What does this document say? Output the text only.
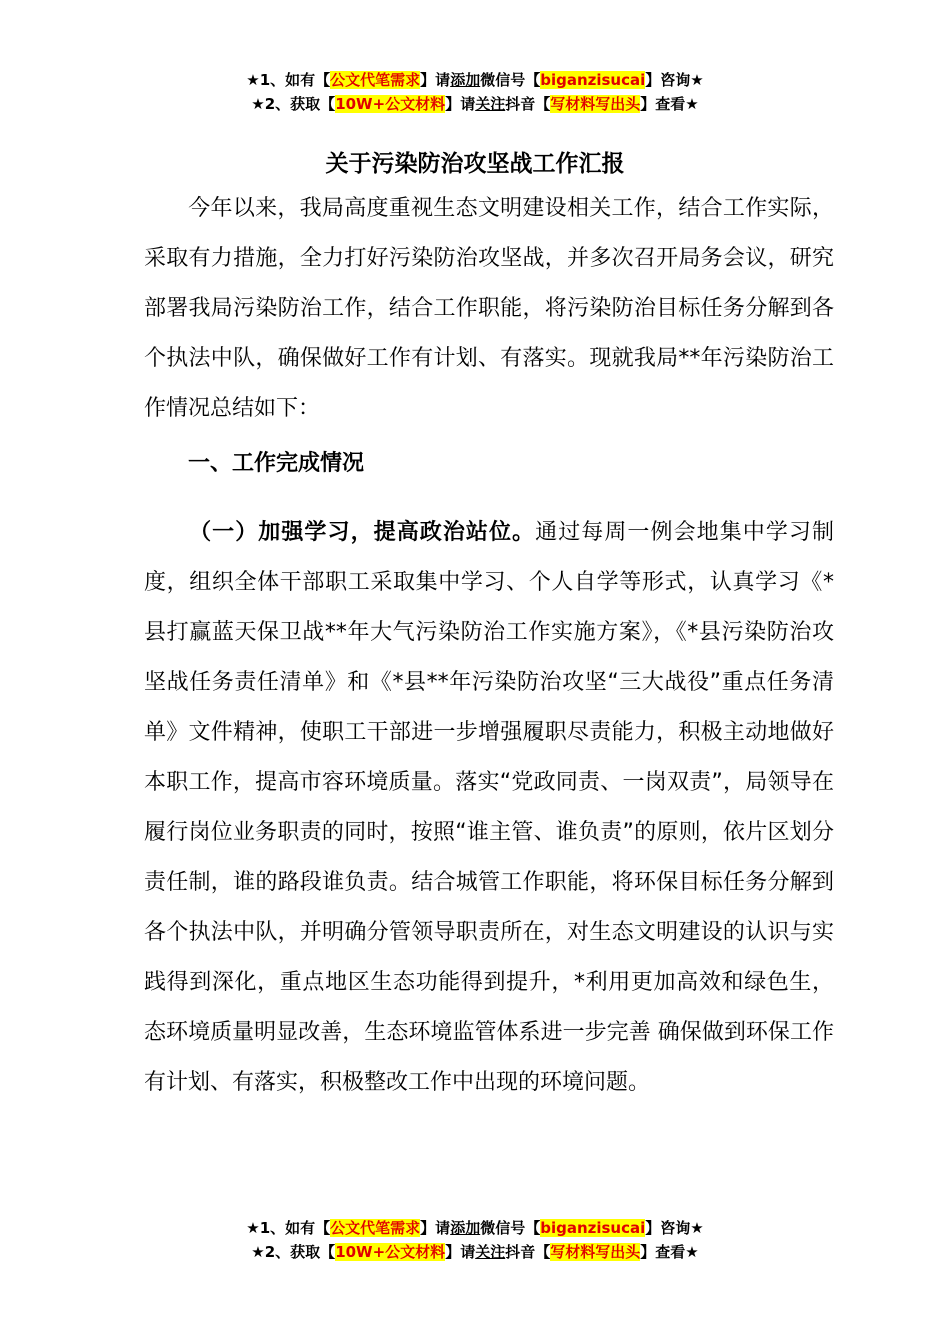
★1、如有【公文代笔需求】请添加微信号【biganzisucai】咨询★
★2、获取【10W+公文材料】请关注抖音【写材料写出头】查看★
关于污染防治攻坚战工作汇报

今年以来，我局高度重视生态文明建设相关工作，结合工作实际，采取有力措施，全力打好污染防治攻坚战，并多次召开局务会议，研究部署我局污染防治工作，结合工作职能，将污染防治目标任务分解到各个执法中队，确保做好工作有计划、有落实。现就我局**年污染防治工作情况总结如下：

一、工作完成情况

（一）加强学习，提高政治站位。通过每周一例会地集中学习制度，组织全体干部职工采取集中学习、个人自学等形式，认真学习《*县打赢蓝天保卫战**年大气污染防治工作实施方案》，《*县污染防治攻坚战任务责任清单》和《*县**年污染防治攻坚“三大战役”重点任务清单》文件精神，使职工干部进一步增强履职尽责能力，积极主动地做好本职工作，提高市容环境质量。落实“党政同责、一岗双责”，局领导在履行岗位业务职责的同时，按照“谁主管、谁负责”的原则，依片区划分责任制，谁的路段谁负责。结合城管工作职能，将环保目标任务分解到各个执法中队，并明确分管领导职责所在，对生态文明建设的认识与实践得到深化，重点地区生态功能得到提升，*利用更加高效和绿色生，态环境质量明显改善，生态环境监管体系进一步完善 确保做到环保工作有计划、有落实，积极整改工作中出现的环境问题。

★1、如有【公文代笔需求】请添加微信号【biganzisucai】咨询★
★2、获取【10W+公文材料】请关注抖音【写材料写出头】查看★
